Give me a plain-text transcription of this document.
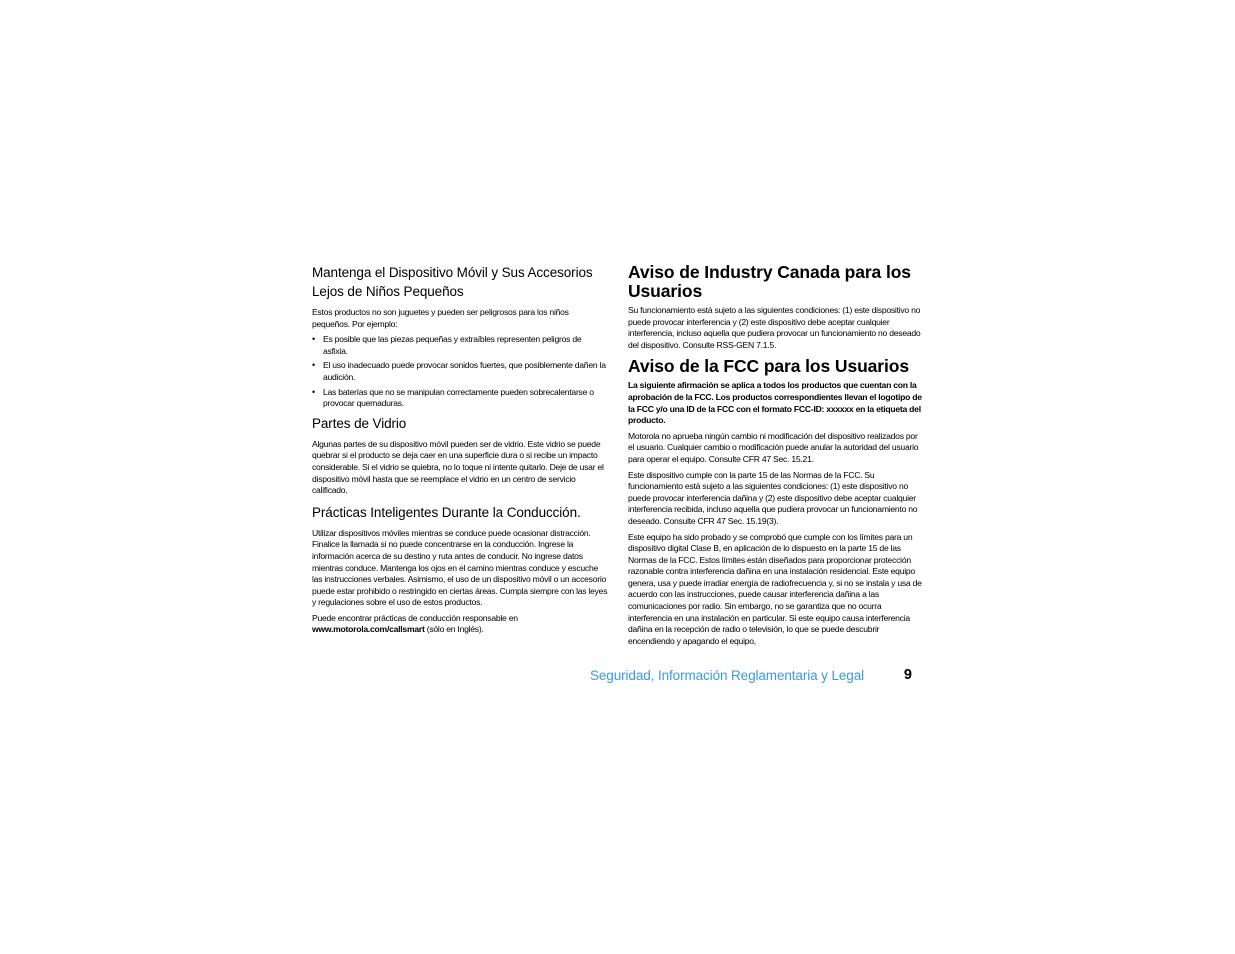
Mantenga el Dispositivo Móvil y Sus Accesorios Lejos de Niños Pequeños

Estos productos no son juguetes y pueden ser peligrosos para los niños pequeños. Por ejemplo:

• Es posible que las piezas pequeñas y extraíbles representen peligros de asfixia.
• El uso inadecuado puede provocar sonidos fuertes, que posiblemente dañen la audición.
• Las baterías que no se manipulan correctamente pueden sobrecalentarse o provocar quemaduras.
Partes de Vidrio

Algunas partes de su dispositivo móvil pueden ser de vidrio. Este vidrio se puede quebrar si el producto se deja caer en una superficie dura o si recibe un impacto considerable. Si el vidrio se quiebra, no lo toque ni intente quitarlo. Deje de usar el dispositivo móvil hasta que se reemplace el vidrio en un centro de servicio calificado.

Prácticas Inteligentes Durante la Conducción.

Utilizar dispositivos móviles mientras se conduce puede ocasionar distracción. Finalice la llamada si no puede concentrarse en la conducción. Ingrese la información acerca de su destino y ruta antes de conducir. No ingrese datos mientras conduce. Mantenga los ojos en el camino mientras conduce y escuche las instrucciones verbales. Asimismo, el uso de un dispositivo móvil o un accesorio puede estar prohibido o restringido en ciertas áreas. Cumpla siempre con las leyes y regulaciones sobre el uso de estos productos.

Puede encontrar prácticas de conducción responsable en
www.motorola.com/callsmart (sólo en Inglés).

Aviso de Industry Canada para los Usuarios

Su funcionamiento está sujeto a las siguientes condiciones: (1) este dispositivo no puede provocar interferencia y (2) este dispositivo debe aceptar cualquier interferencia, incluso aquella que pudiera provocar un funcionamiento no deseado del dispositivo. Consulte RSS-GEN 7.1.5.

Aviso de la FCC para los Usuarios

La siguiente afirmación se aplica a todos los productos que cuentan con la aprobación de la FCC. Los productos correspondientes llevan el logotipo de la FCC y/o una ID de la FCC con el formato FCC-ID: xxxxxx en la etiqueta del producto.

Motorola no aprueba ningún cambio ni modificación del dispositivo realizados por el usuario. Cualquier cambio o modificación puede anular la autoridad del usuario para operar el equipo. Consulte CFR 47 Sec. 15.21.

Este dispositivo cumple con la parte 15 de las Normas de la FCC. Su funcionamiento está sujeto a las siguientes condiciones: (1) este dispositivo no puede provocar interferencia dañina y (2) este dispositivo debe aceptar cualquier interferencia recibida, incluso aquella que pudiera provocar un funcionamiento no deseado. Consulte CFR 47 Sec. 15.19(3).

Este equipo ha sido probado y se comprobó que cumple con los límites para un dispositivo digital Clase B, en aplicación de lo dispuesto en la parte 15 de las Normas de la FCC. Estos límites están diseñados para proporcionar protección razonable contra interferencia dañina en una instalación residencial. Este equipo genera, usa y puede irradiar energía de radiofrecuencia y, si no se instala y usa de acuerdo con las instrucciones, puede causar interferencia dañina a las comunicaciones por radio. Sin embargo, no se garantiza que no ocurra interferencia en una instalación en particular. Si este equipo causa interferencia dañina en la recepción de radio o televisión, lo que se puede descubrir encendiendo y apagando el equipo,

Seguridad, Información Reglamentaria y Legal	9
